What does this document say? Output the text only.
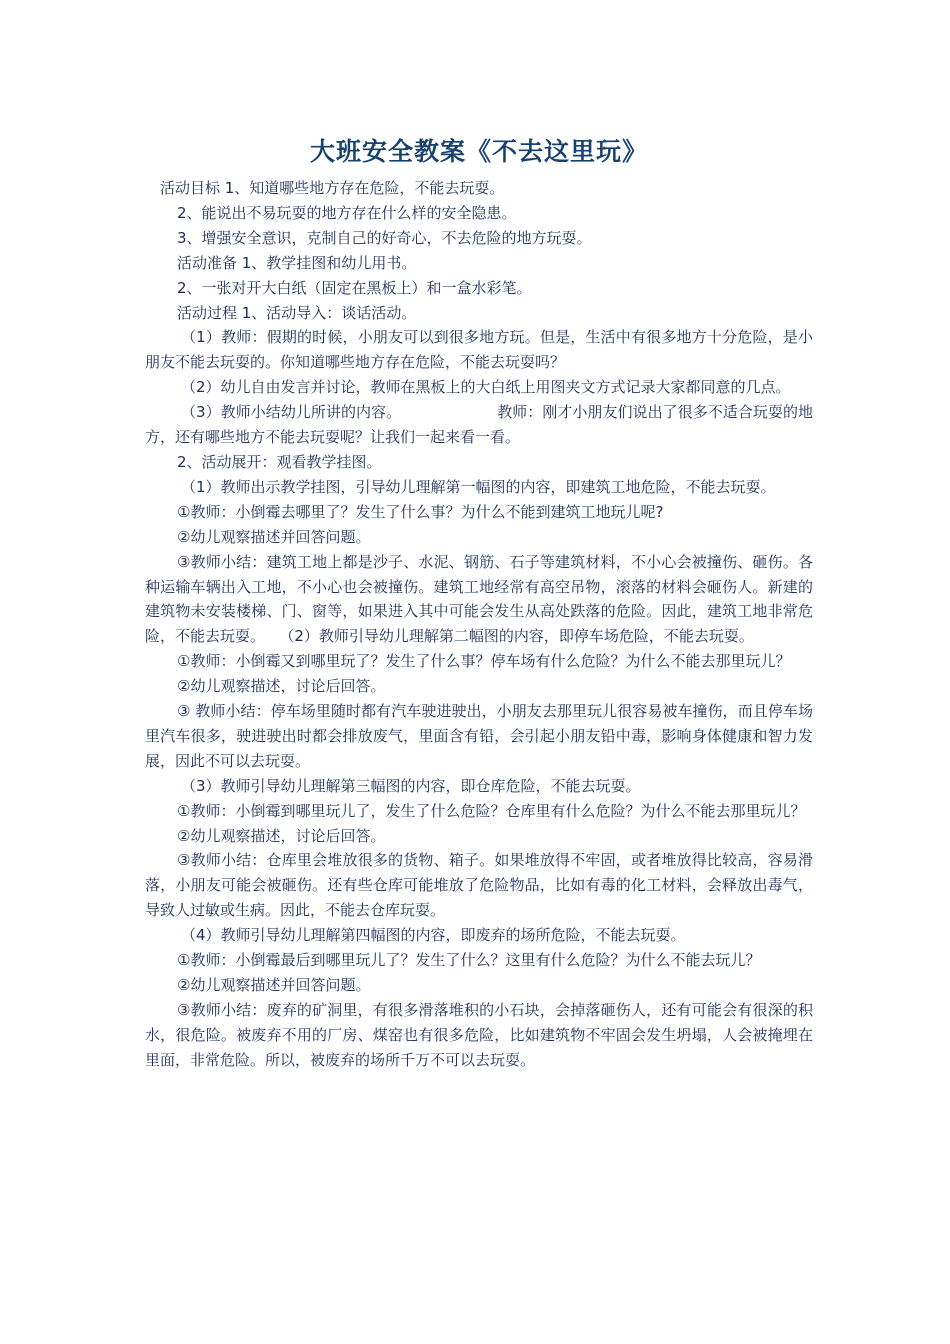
大班安全教案《不去这里玩》

活动目标 1、知道哪些地方存在危险，不能去玩耍。

2、能说出不易玩耍的地方存在什么样的安全隐患。

3、增强安全意识，克制自己的好奇心，不去危险的地方玩耍。

活动准备 1、教学挂图和幼儿用书。

2、一张对开大白纸（固定在黑板上）和一盒水彩笔。

活动过程 1、活动导入：谈话活动。

（1）教师：假期的时候，小朋友可以到很多地方玩。但是，生活中有很多地方十分危险，是小朋友不能去玩耍的。你知道哪些地方存在危险，不能去玩耍吗？

（2）幼儿自由发言并讨论，教师在黑板上的大白纸上用图夹文方式记录大家都同意的几点。

（3）教师小结幼儿所讲的内容。	教师：刚才小朋友们说出了很多不适合玩耍的地方，还有哪些地方不能去玩耍呢？让我们一起来看一看。

2、活动展开：观看教学挂图。

（1）教师出示教学挂图，引导幼儿理解第一幅图的内容，即建筑工地危险，不能去玩耍。

①教师：小倒霉去哪里了？发生了什么事？为什么不能到建筑工地玩儿呢?

②幼儿观察描述并回答问题。

③教师小结：建筑工地上都是沙子、水泥、钢筋、石子等建筑材料，不小心会被撞伤、砸伤。各种运输车辆出入工地，不小心也会被撞伤。建筑工地经常有高空吊物，滚落的材料会砸伤人。新建的建筑物未安装楼梯、门、窗等，如果进入其中可能会发生从高处跌落的危险。因此，建筑工地非常危险，不能去玩耍。 （2）教师引导幼儿理解第二幅图的内容，即停车场危险，不能去玩耍。

①教师：小倒霉又到哪里玩了？发生了什么事？停车场有什么危险？为什么不能去那里玩儿？

②幼儿观察描述，讨论后回答。

③ 教师小结：停车场里随时都有汽车驶进驶出，小朋友去那里玩儿很容易被车撞伤，而且停车场里汽车很多，驶进驶出时都会排放废气，里面含有铅，会引起小朋友铅中毒，影响身体健康和智力发展，因此不可以去玩耍。

（3）教师引导幼儿理解第三幅图的内容，即仓库危险，不能去玩耍。

①教师：小倒霉到哪里玩儿了，发生了什么危险？仓库里有什么危险？为什么不能去那里玩儿？

②幼儿观察描述，讨论后回答。

③教师小结：仓库里会堆放很多的货物、箱子。如果堆放得不牢固，或者堆放得比较高，容易滑落，小朋友可能会被砸伤。还有些仓库可能堆放了危险物品，比如有毒的化工材料，会释放出毒气，导致人过敏或生病。因此，不能去仓库玩耍。

（4）教师引导幼儿理解第四幅图的内容，即废弃的场所危险，不能去玩耍。

①教师：小倒霉最后到哪里玩儿了？发生了什么？这里有什么危险？为什么不能去玩儿？

②幼儿观察描述并回答问题。

③教师小结：废弃的矿洞里，有很多滑落堆积的小石块，会掉落砸伤人，还有可能会有很深的积水，很危险。被废弃不用的厂房、煤窑也有很多危险，比如建筑物不牢固会发生坍塌，人会被掩埋在里面，非常危险。所以，被废弃的场所千万不可以去玩耍。
